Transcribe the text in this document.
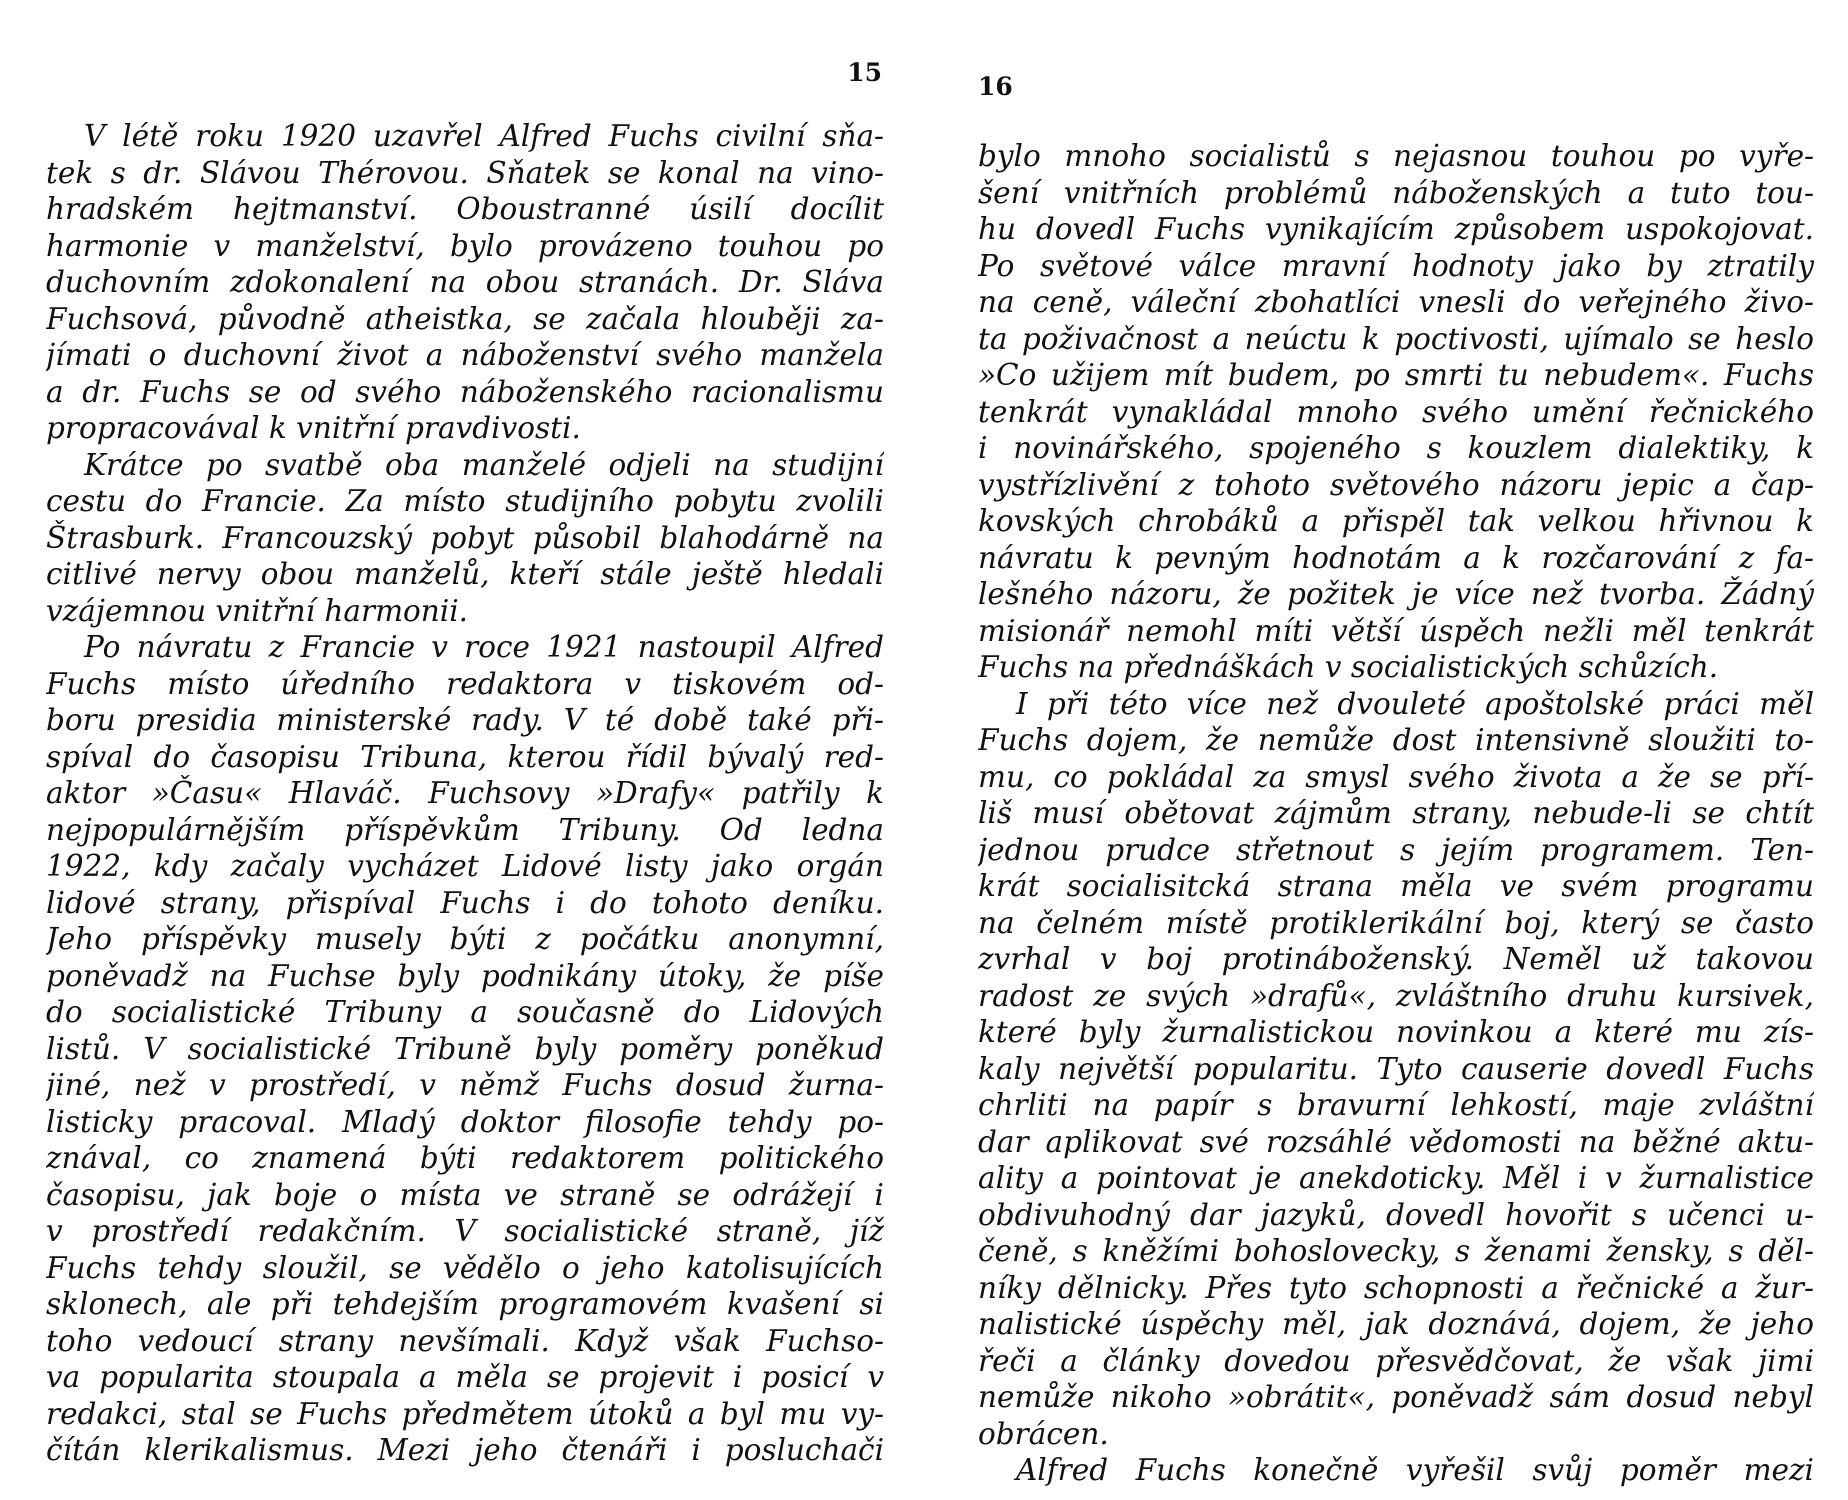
15

V létě roku 1920 uzavřel Alfred Fuchs civilní sňa-
tek s dr. Slávou Thérovou. Sňatek se konal na vino-
hradském hejtmanství. Oboustranné úsilí docílit
harmonie v manželství, bylo provázeno touhou po
duchovním zdokonalení na obou stranách. Dr. Sláva
Fuchsová, původně atheistka, se začala hlouběji za-
jímati o duchovní život a náboženství svého manžela
a dr. Fuchs se od svého náboženského racionalismu
propracovával k vnitřní pravdivosti.

Krátce po svatbě oba manželé odjeli na studijní
cestu do Francie. Za místo studijního pobytu zvolili
Štrasburk. Francouzský pobyt působil blahodárně na
citlivé nervy obou manželů, kteří stále ještě hledali
vzájemnou vnitřní harmonii.

Po návratu z Francie v roce 1921 nastoupil Alfred
Fuchs místo úředního redaktora v tiskovém od-
boru presidia ministerské rady. V té době také při-
spíval do časopisu Tribuna, kterou řídil bývalý red-
aktor »Času« Hlaváč. Fuchsovy »Drafy« patřily k
nejpopulárnějším příspěvkům Tribuny. Od ledna
1922, kdy začaly vycházet Lidové listy jako orgán
lidové strany, přispíval Fuchs i do tohoto deníku.
Jeho příspěvky musely býti z počátku anonymní,
poněvadž na Fuchse byly podnikány útoky, že píše
do socialistické Tribuny a současně do Lidových
listů. V socialistické Tribuně byly poměry poněkud
jiné, než v prostředí, v němž Fuchs dosud žurna-
listicky pracoval. Mladý doktor filosofie tehdy po-
znával, co znamená býti redaktorem politického
časopisu, jak boje o místa ve straně se odrážejí i
v prostředí redakčním. V socialistické straně, jíž
Fuchs tehdy sloužil, se vědělo o jeho katolisujících
sklonech, ale při tehdejším programovém kvašení si
toho vedoucí strany nevšímali. Když však Fuchso-
va popularita stoupala a měla se projevit i posicí v
redakci, stal se Fuchs předmětem útoků a byl mu vy-
čítán klerikalismus. Mezi jeho čtenáři i posluchači

16

bylo mnoho socialistů s nejasnou touhou po vyře-
šení vnitřních problémů náboženských a tuto tou-
hu dovedl Fuchs vynikajícím způsobem uspokojovat.
Po světové válce mravní hodnoty jako by ztratily
na ceně, váleční zbohatlíci vnesli do veřejného živo-
ta poživačnost a neúctu k poctivosti, ujímalo se heslo
»Co užijem mít budem, po smrti tu nebudem«. Fuchs
tenkrát vynakládal mnoho svého umění řečnického
i novinářského, spojeného s kouzlem dialektiky, k
vystřízlivění z tohoto světového názoru jepic a čap-
kovských chrobáků a přispěl tak velkou hřivnou k
návratu k pevným hodnotám a k rozčarování z fa-
lešného názoru, že požitek je více než tvorba. Žádný
misionář nemohl míti větší úspěch nežli měl tenkrát
Fuchs na přednáškách v socialistických schůzích.

I při této více než dvouleté apoštolské práci měl
Fuchs dojem, že nemůže dost intensivně sloužiti to-
mu, co pokládal za smysl svého života a že se pří-
liš musí obětovat zájmům strany, nebude-li se chtít
jednou prudce střetnout s jejím programem. Ten-
krát socialisitcká strana měla ve svém programu
na čelném místě protiklerikální boj, který se často
zvrhal v boj protináboženský. Neměl už takovou
radost ze svých »drafů«, zvláštního druhu kursivek,
které byly žurnalistickou novinkou a které mu zís-
kaly největší popularitu. Tyto causerie dovedl Fuchs
chrliti na papír s bravurní lehkostí, maje zvláštní
dar aplikovat své rozsáhlé vědomosti na běžné aktu-
ality a pointovat je anekdoticky. Měl i v žurnalistice
obdivuhodný dar jazyků, dovedl hovořit s učenci u-
čeně, s kněžími bohoslovecky, s ženami žensky, s děl-
níky dělnicky. Přes tyto schopnosti a řečnické a žur-
nalistické úspěchy měl, jak doznává, dojem, že jeho
řeči a články dovedou přesvědčovat, že však jimi
nemůže nikoho »obrátit«, poněvadž sám dosud nebyl
obrácen.

Alfred Fuchs konečně vyřešil svůj poměr mezi
